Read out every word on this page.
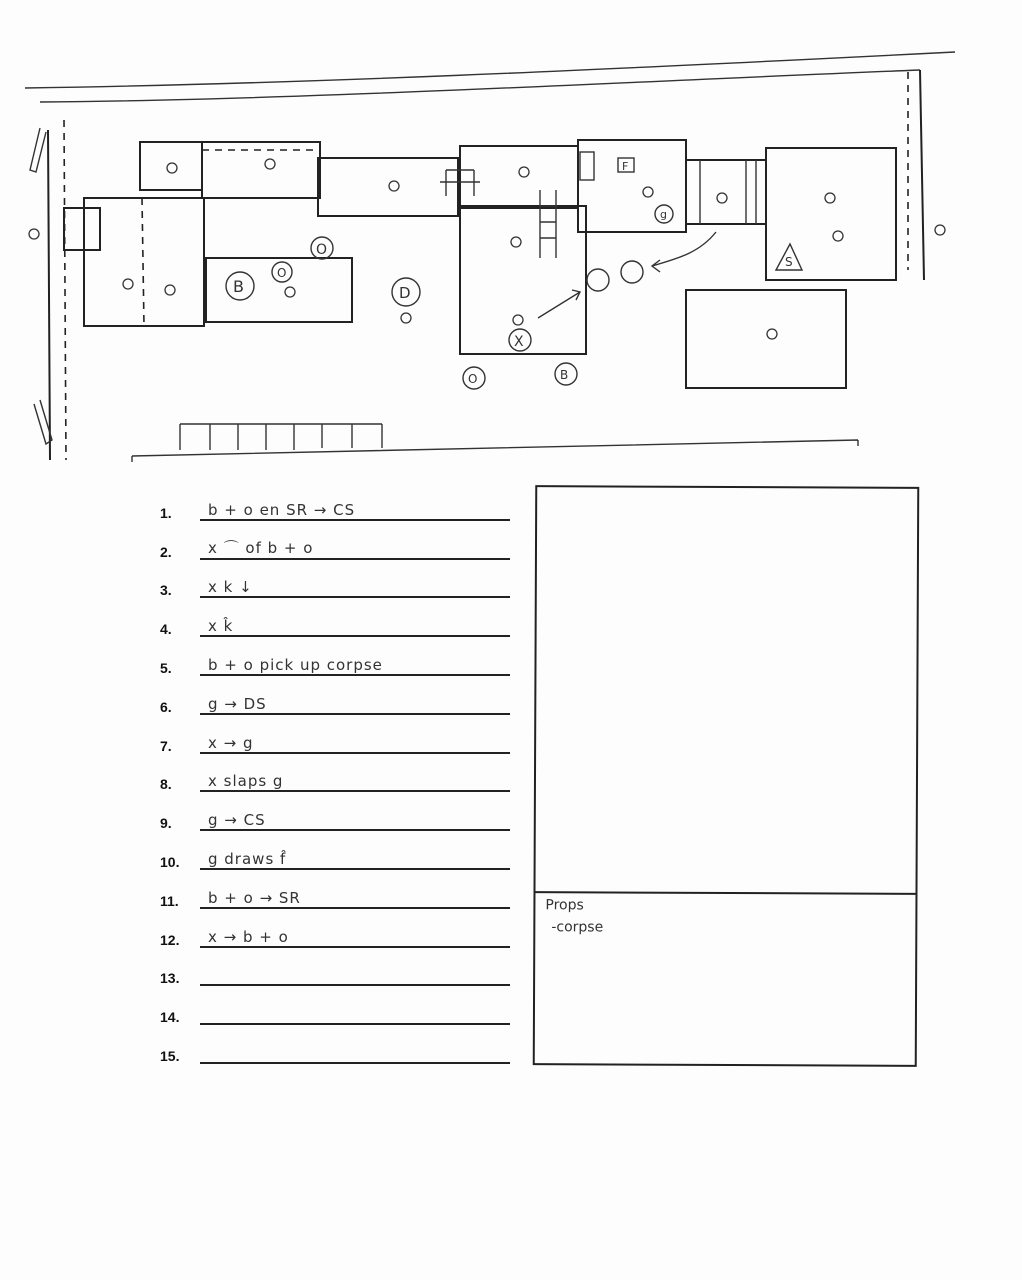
B
O
O
D
X
O	B
F
g
S
1.	b + o en SR → CS
2.	x ⌒ of b + o
3.	x k ↓
4.	x k̂
5.	b + o pick up corpse
6.	g → DS
7.	x → g
8.	x slaps g
9.	g → CS
10.	g draws f̂
11.	b + o → SR
12.	x → b + o
13.
14.
15.
Props
-corpse
